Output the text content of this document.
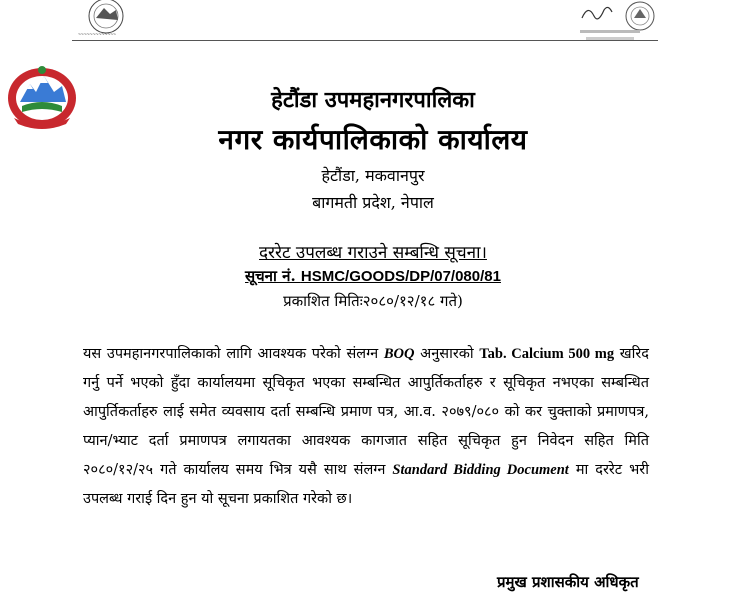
~~~~~~~~~~~~~
हेटौंडा उपमहानगरपालिका
नगर कार्यपालिकाको कार्यालय
हेटौंडा, मकवानपुर
बागमती प्रदेश, नेपाल
दररेट उपलब्ध गराउने सम्बन्धि सूचना।
सूचना नं. HSMC/GOODS/DP/07/080/81
प्रकाशित मितिः२०८०/१२/१८ गते)
यस उपमहानगरपालिकाको लागि आवश्यक परेको संलग्न BOQ अनुसारको Tab. Calcium 500 mg खरिद गर्नु पर्ने भएको हुँदा कार्यालयमा सूचिकृत भएका सम्बन्धित आपुर्तिकर्ताहरु र सूचिकृत नभएका सम्बन्धित आपुर्तिकर्ताहरु लाई समेत व्यवसाय दर्ता सम्बन्धि प्रमाण पत्र, आ.व. २०७९/०८० को कर चुक्ताको प्रमाणपत्र, प्यान/भ्याट दर्ता प्रमाणपत्र लगायतका आवश्यक कागजात सहित सूचिकृत हुन निवेदन सहित मिति २०८०/१२/२५ गते कार्यालय समय भित्र यसै साथ संलग्न Standard Bidding Document मा दररेट भरी उपलब्ध गराई दिन हुन यो सूचना प्रकाशित गरेको छ।
प्रमुख प्रशासकीय अधिकृत
